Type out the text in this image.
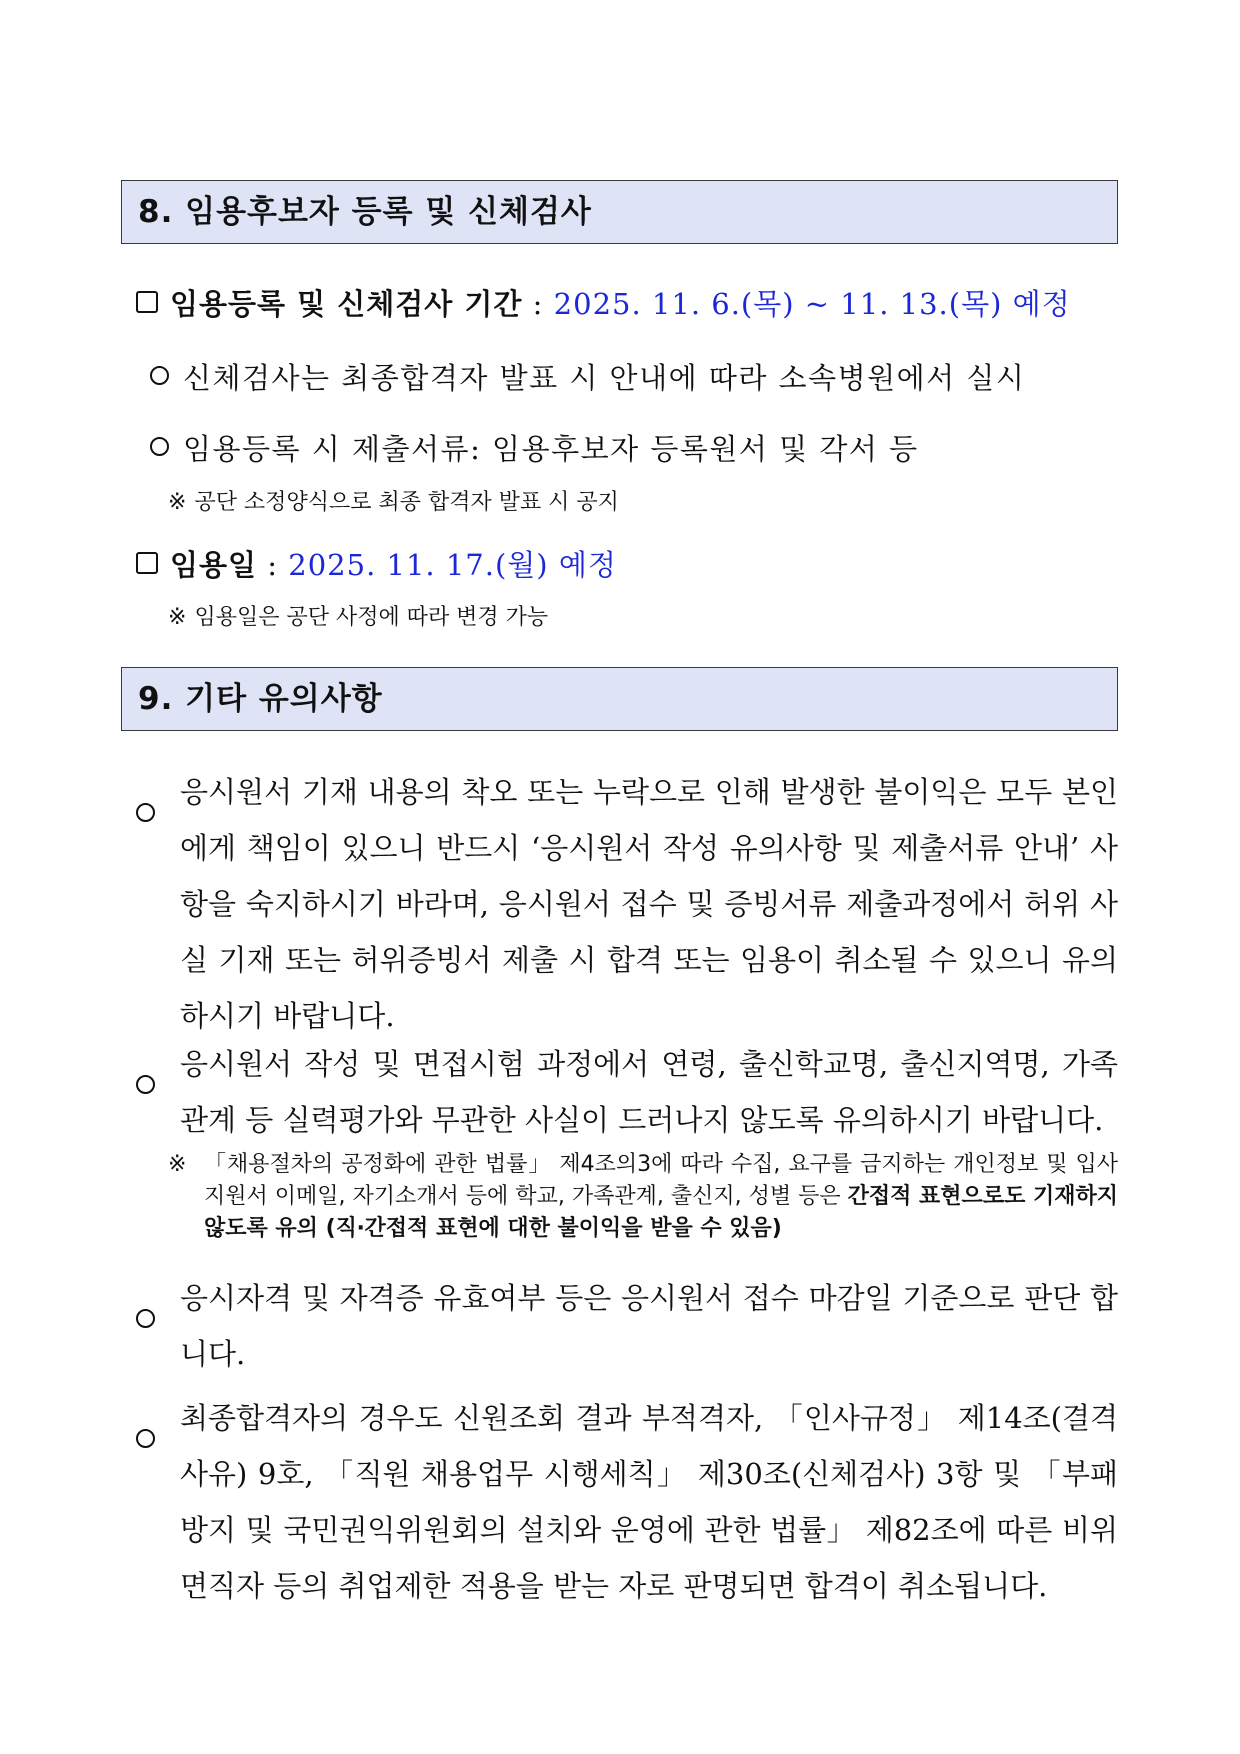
8. 임용후보자 등록 및 신체검사
임용등록 및 신체검사 기간 : 2025. 11. 6.(목) ~ 11. 13.(목) 예정
신체검사는 최종합격자 발표 시 안내에 따라 소속병원에서 실시
임용등록 시 제출서류: 임용후보자 등록원서 및 각서 등
※ 공단 소정양식으로 최종 합격자 발표 시 공지
임용일 : 2025. 11. 17.(월) 예정
※ 임용일은 공단 사정에 따라 변경 가능
9. 기타 유의사항
응시원서 기재 내용의 착오 또는 누락으로 인해 발생한 불이익은 모두 본인에게 책임이 있으니 반드시 ‘응시원서 작성 유의사항 및 제출서류 안내’ 사항을 숙지하시기 바라며, 응시원서 접수 및 증빙서류 제출과정에서 허위 사실 기재 또는 허위증빙서 제출 시 합격 또는 임용이 취소될 수 있으니 유의하시기 바랍니다.
응시원서 작성 및 면접시험 과정에서 연령, 출신학교명, 출신지역명, 가족 관계 등 실력평가와 무관한 사실이 드러나지 않도록 유의하시기 바랍니다.
※ 「채용절차의 공정화에 관한 법률」 제4조의3에 따라 수집, 요구를 금지하는 개인정보 및 입사지원서 이메일, 자기소개서 등에 학교, 가족관계, 출신지, 성별 등은 간접적 표현으로도 기재하지 않도록 유의 (직‧간접적 표현에 대한 불이익을 받을 수 있음)
응시자격 및 자격증 유효여부 등은 응시원서 접수 마감일 기준으로 판단 합니다.
최종합격자의 경우도 신원조회 결과 부적격자, 「인사규정」 제14조(결격사유) 9호, 「직원 채용업무 시행세칙」 제30조(신체검사) 3항 및 「부패방지 및 국민권익위원회의 설치와 운영에 관한 법률」 제82조에 따른 비위면직자 등의 취업제한 적용을 받는 자로 판명되면 합격이 취소됩니다.
